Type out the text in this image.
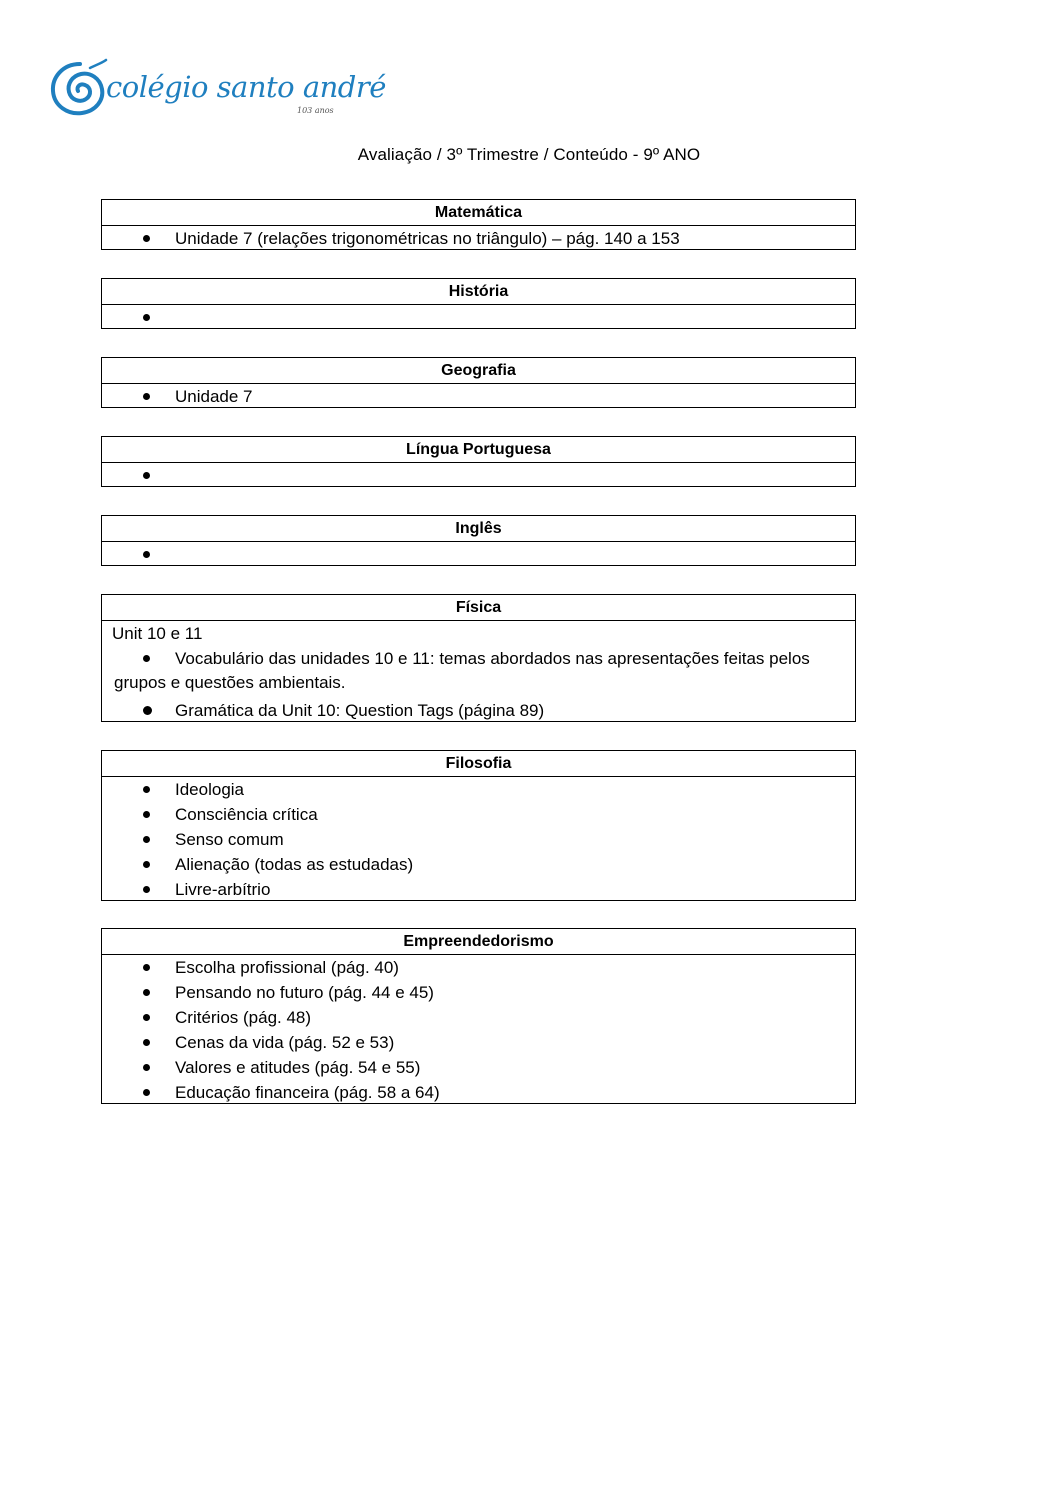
colégio santo andré
103 anos
Avaliação / 3º Trimestre / Conteúdo - 9º ANO
Matemática
Unidade 7 (relações trigonométricas no triângulo) – pág. 140 a 153
História
Geografia
Unidade 7
Língua Portuguesa
Inglês
Física
Unit 10 e 11
Vocabulário das unidades 10 e 11: temas abordados nas apresentações feitas pelos
grupos e questões ambientais.
Gramática da Unit 10: Question Tags (página 89)
Filosofia
Ideologia
Consciência crítica
Senso comum
Alienação (todas as estudadas)
Livre-arbítrio
Empreendedorismo
Escolha profissional (pág. 40)
Pensando no futuro (pág. 44 e 45)
Critérios (pág. 48)
Cenas da vida (pág. 52 e 53)
Valores e atitudes (pág. 54 e 55)
Educação financeira (pág. 58 a 64)
